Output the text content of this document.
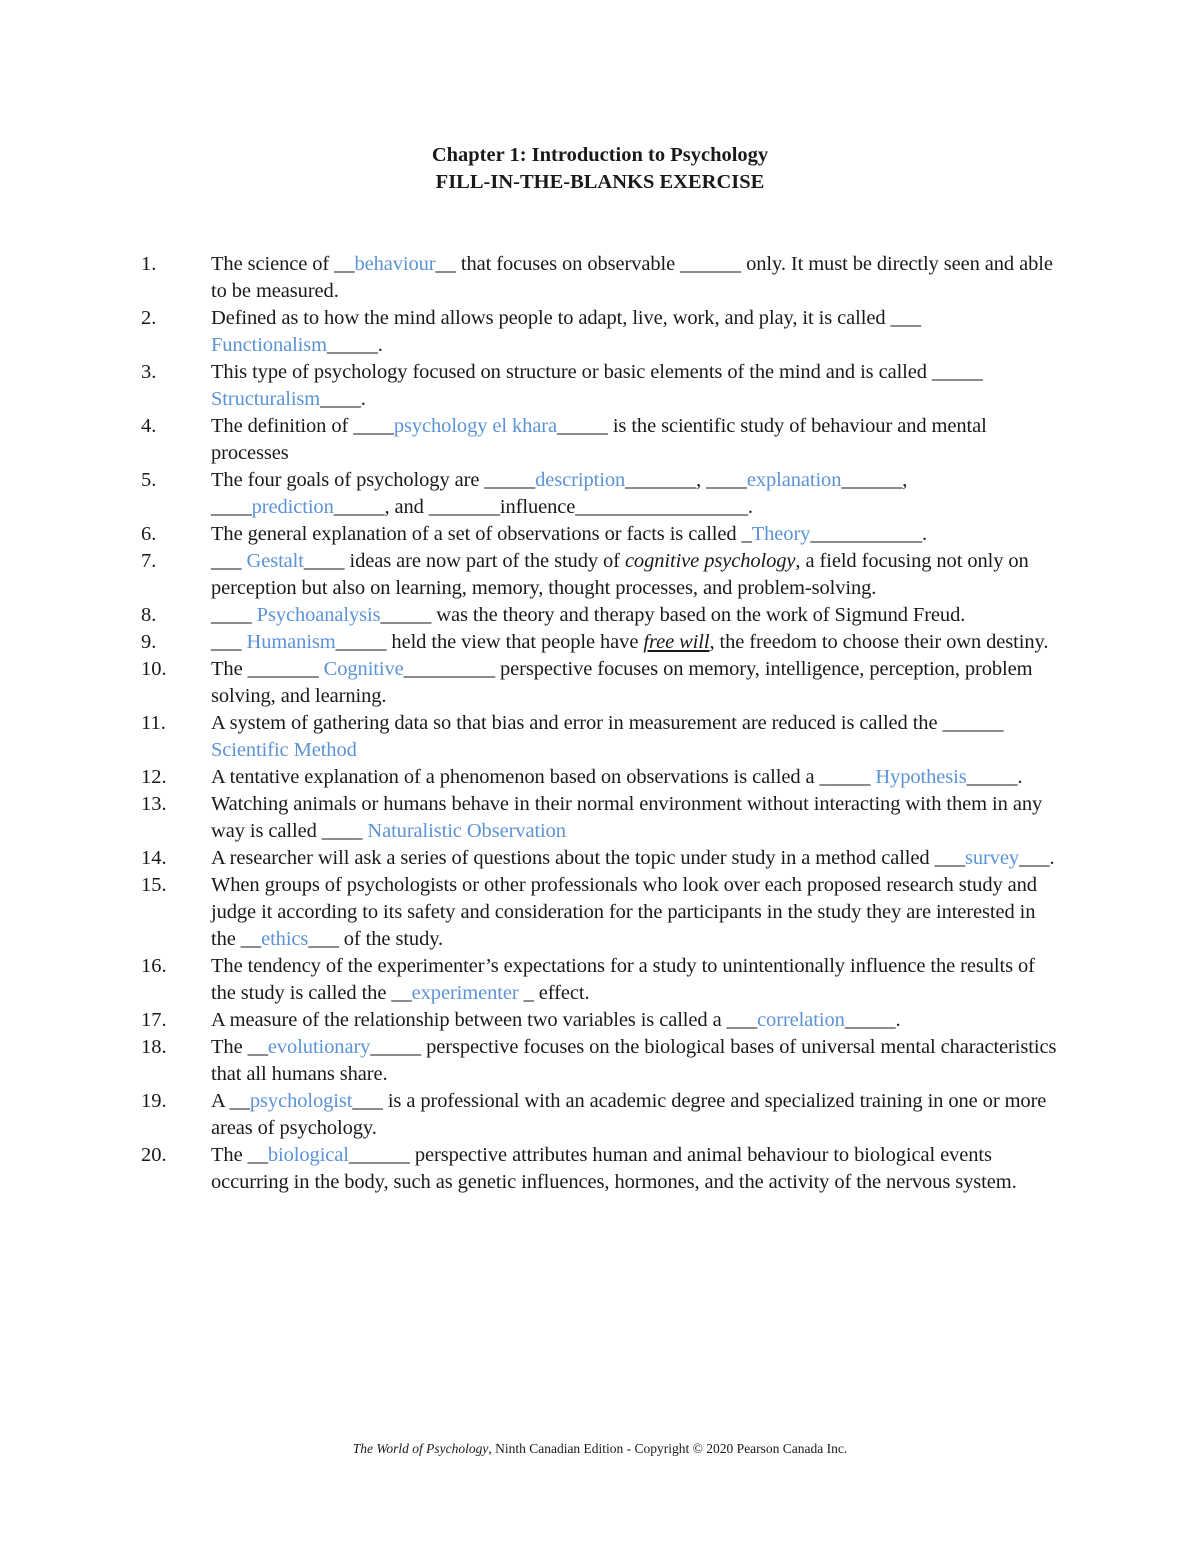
Chapter 1: Introduction to Psychology
FILL-IN-THE-BLANKS EXERCISE
1.	The science of __behaviour__ that focuses on observable ______ only. It must be directly seen and able to be measured.
2.	Defined as to how the mind allows people to adapt, live, work, and play, it is called ___ Functionalism_____.
3.	This type of psychology focused on structure or basic elements of the mind and is called _____ Structuralism____.
4.	The definition of ____psychology el khara_____ is the scientific study of behaviour and mental processes
5.	The four goals of psychology are _____description_______, ____explanation______, ____prediction_____, and _______influence_________________.
6.	The general explanation of a set of observations or facts is called _Theory___________.
7.	___ Gestalt____ ideas are now part of the study of cognitive psychology, a field focusing not only on perception but also on learning, memory, thought processes, and problem-solving.
8.	____ Psychoanalysis_____ was the theory and therapy based on the work of Sigmund Freud.
9.	___ Humanism_____ held the view that people have free will, the freedom to choose their own destiny.
10. The _______ Cognitive_________ perspective focuses on memory, intelligence, perception, problem solving, and learning.
11. A system of gathering data so that bias and error in measurement are reduced is called the ______ Scientific Method
12. A tentative explanation of a phenomenon based on observations is called a _____ Hypothesis_____.
13. Watching animals or humans behave in their normal environment without interacting with them in any way is called ____ Naturalistic Observation
14. A researcher will ask a series of questions about the topic under study in a method called ___survey___.
15. When groups of psychologists or other professionals who look over each proposed research study and judge it according to its safety and consideration for the participants in the study they are interested in the __ethics___ of the study.
16. The tendency of the experimenter’s expectations for a study to unintentionally influence the results of the study is called the __experimenter _ effect.
17. A measure of the relationship between two variables is called a ___correlation_____.
18. The __evolutionary_____ perspective focuses on the biological bases of universal mental characteristics that all humans share.
19. A __psychologist___ is a professional with an academic degree and specialized training in one or more areas of psychology.
20. The __biological______ perspective attributes human and animal behaviour to biological events occurring in the body, such as genetic influences, hormones, and the activity of the nervous system.
The World of Psychology, Ninth Canadian Edition - Copyright © 2020 Pearson Canada Inc.
